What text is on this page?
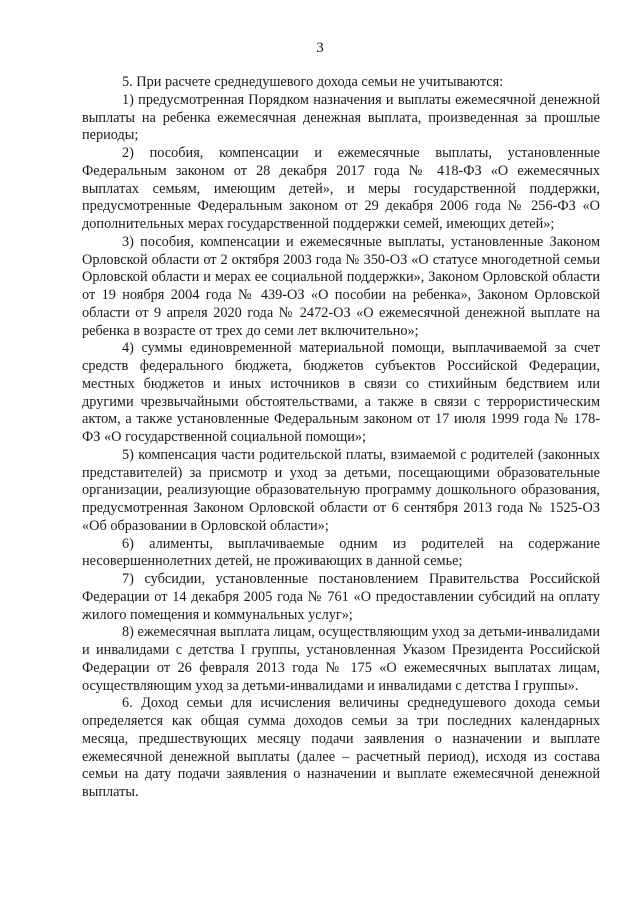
3

5. При расчете среднедушевого дохода семьи не учитываются:

1) предусмотренная Порядком назначения и выплаты ежемесячной денежной выплаты на ребенка ежемесячная денежная выплата, произведенная за прошлые периоды;

2) пособия, компенсации и ежемесячные выплаты, установленные Федеральным законом от 28 декабря 2017 года № 418-ФЗ «О ежемесячных выплатах семьям, имеющим детей», и меры государственной поддержки, предусмотренные Федеральным законом от 29 декабря 2006 года № 256-ФЗ «О дополнительных мерах государственной поддержки семей, имеющих детей»;

3) пособия, компенсации и ежемесячные выплаты, установленные Законом Орловской области от 2 октября 2003 года № 350-ОЗ «О статусе многодетной семьи Орловской области и мерах ее социальной поддержки», Законом Орловской области от 19 ноября 2004 года № 439-ОЗ «О пособии на ребенка», Законом Орловской области от 9 апреля 2020 года № 2472-ОЗ «О ежемесячной денежной выплате на ребенка в возрасте от трех до семи лет включительно»;

4) суммы единовременной материальной помощи, выплачиваемой за счет средств федерального бюджета, бюджетов субъектов Российской Федерации, местных бюджетов и иных источников в связи со стихийным бедствием или другими чрезвычайными обстоятельствами, а также в связи с террористическим актом, а также установленные Федеральным законом от 17 июля 1999 года № 178-ФЗ «О государственной социальной помощи»;

5) компенсация части родительской платы, взимаемой с родителей (законных представителей) за присмотр и уход за детьми, посещающими образовательные организации, реализующие образовательную программу дошкольного образования, предусмотренная Законом Орловской области от 6 сентября 2013 года № 1525-ОЗ «Об образовании в Орловской области»;

6) алименты, выплачиваемые одним из родителей на содержание несовершеннолетних детей, не проживающих в данной семье;

7) субсидии, установленные постановлением Правительства Российской Федерации от 14 декабря 2005 года № 761 «О предоставлении субсидий на оплату жилого помещения и коммунальных услуг»;

8) ежемесячная выплата лицам, осуществляющим уход за детьми-инвалидами и инвалидами с детства I группы, установленная Указом Президента Российской Федерации от 26 февраля 2013 года № 175 «О ежемесячных выплатах лицам, осуществляющим уход за детьми-инвалидами и инвалидами с детства I группы».

6. Доход семьи для исчисления величины среднедушевого дохода семьи определяется как общая сумма доходов семьи за три последних календарных месяца, предшествующих месяцу подачи заявления о назначении и выплате ежемесячной денежной выплаты (далее – расчетный период), исходя из состава семьи на дату подачи заявления о назначении и выплате ежемесячной денежной выплаты.
